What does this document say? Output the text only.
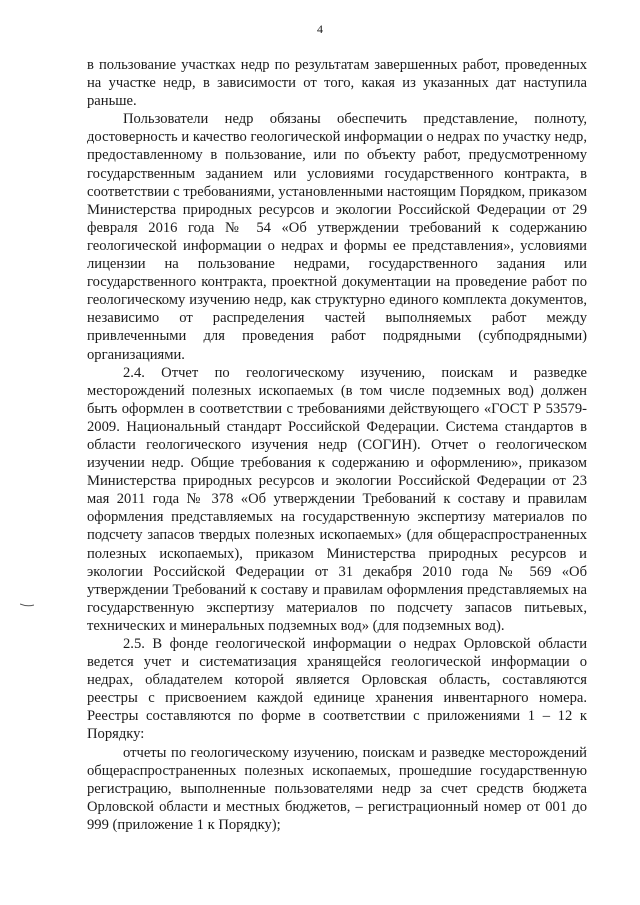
4

в пользование участках недр по результатам завершенных работ, проведенных на участке недр, в зависимости от того, какая из указанных дат наступила раньше.

Пользователи недр обязаны обеспечить представление, полноту, достоверность и качество геологической информации о недрах по участку недр, предоставленному в пользование, или по объекту работ, предусмотренному государственным заданием или условиями государственного контракта, в соответствии с требованиями, установленными настоящим Порядком, приказом Министерства природных ресурсов и экологии Российской Федерации от 29 февраля 2016 года № 54 «Об утверждении требований к содержанию геологической информации о недрах и формы ее представления», условиями лицензии на пользование недрами, государственного задания или государственного контракта, проектной документации на проведение работ по геологическому изучению недр, как структурно единого комплекта документов, независимо от распределения частей выполняемых работ между привлеченными для проведения работ подрядными (субподрядными) организациями.

2.4. Отчет по геологическому изучению, поискам и разведке месторождений полезных ископаемых (в том числе подземных вод) должен быть оформлен в соответствии с требованиями действующего «ГОСТ Р 53579-2009. Национальный стандарт Российской Федерации. Система стандартов в области геологического изучения недр (СОГИН). Отчет о геологическом изучении недр. Общие требования к содержанию и оформлению», приказом Министерства природных ресурсов и экологии Российской Федерации от 23 мая 2011 года № 378 «Об утверждении Требований к составу и правилам оформления представляемых на государственную экспертизу материалов по подсчету запасов твердых полезных ископаемых» (для общераспространенных полезных ископаемых), приказом Министерства природных ресурсов и экологии Российской Федерации от 31 декабря 2010 года № 569 «Об утверждении Требований к составу и правилам оформления представляемых на государственную экспертизу материалов по подсчету запасов питьевых, технических и минеральных подземных вод» (для подземных вод).

2.5. В фонде геологической информации о недрах Орловской области ведется учет и систематизация хранящейся геологической информации о недрах, обладателем которой является Орловская область, составляются реестры с присвоением каждой единице хранения инвентарного номера. Реестры составляются по форме в соответствии с приложениями 1 – 12 к Порядку:

отчеты по геологическому изучению, поискам и разведке месторождений общераспространенных полезных ископаемых, прошедшие государственную регистрацию, выполненные пользователями недр за счет средств бюджета Орловской области и местных бюджетов, – регистрационный номер от 001 до 999 (приложение 1 к Порядку);
